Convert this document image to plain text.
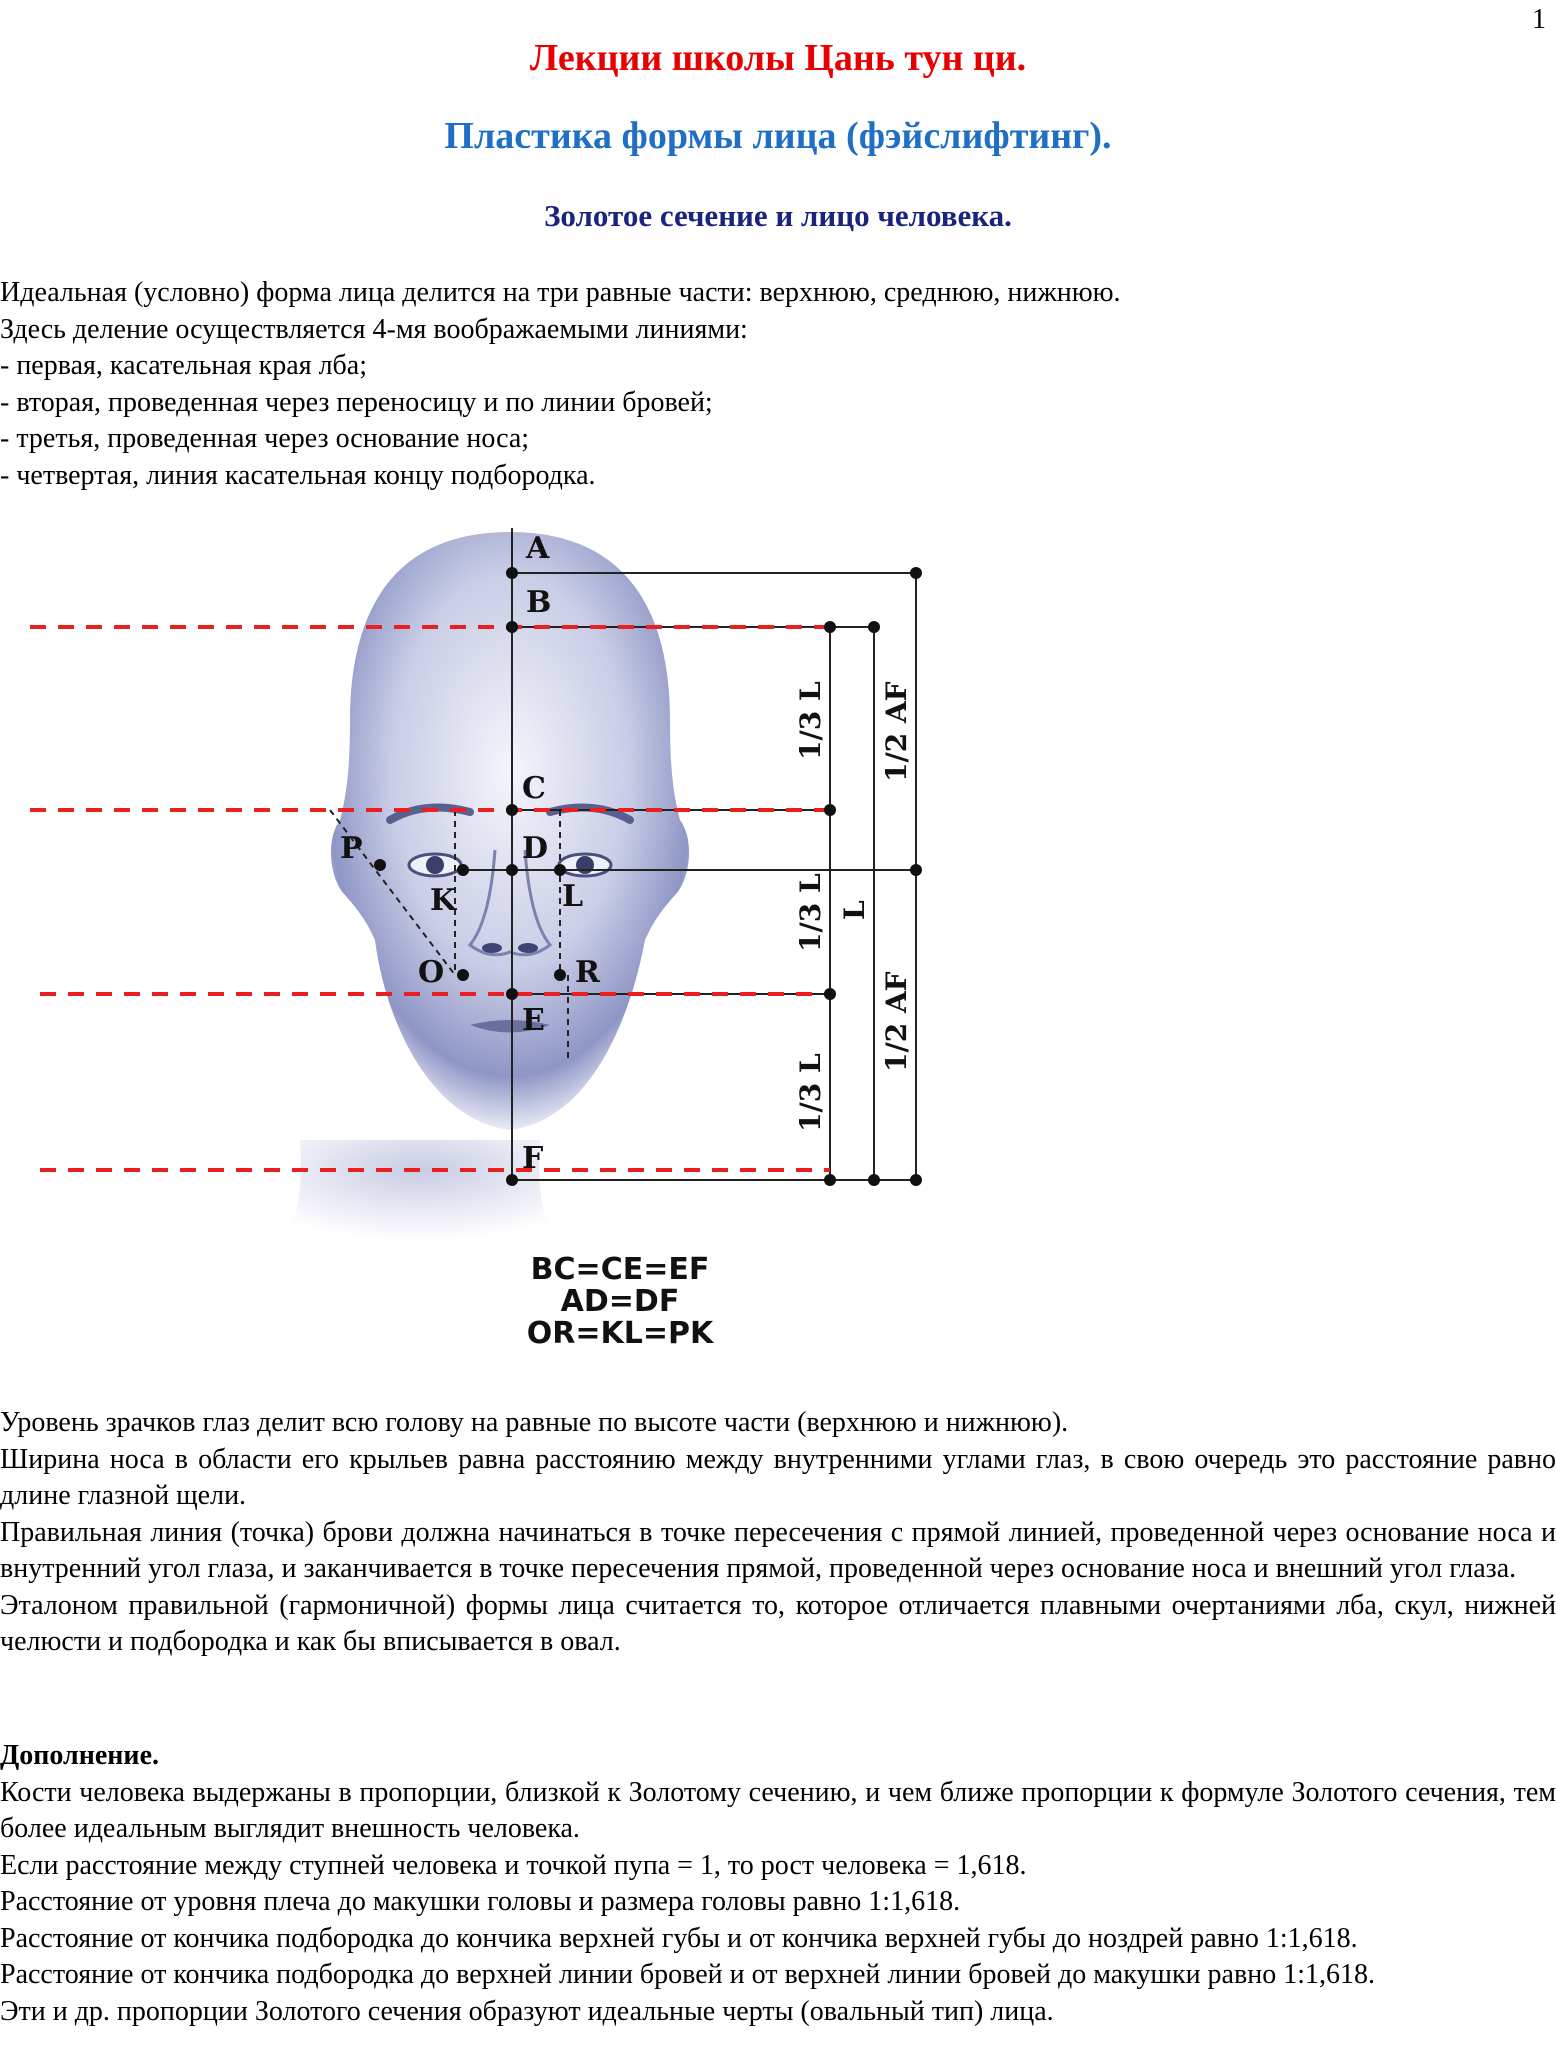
1
Лекции школы Цань тун ци.
Пластика формы лица (фэйслифтинг).
Золотое сечение и лицо человека.

Идеальная (условно) форма лица делится на три равные части: верхнюю, среднюю, нижнюю.

Здесь деление осуществляется 4-мя воображаемыми линиями:

- первая, касательная края лба;

- вторая, проведенная через переносицу и по линии бровей;

- третья, проведенная через основание носа;

- четвертая, линия касательная концу подбородка.

A
B
C
D
E
F
P
K	L
O	R
1/3 L
1/3 L
1/3 L
1/2 AF
1/2 AF
L
BC=CE=EF
AD=DF
OR=KL=PK

Уровень зрачков глаз делит всю голову на равные по высоте части (верхнюю и нижнюю).

Ширина носа в области его крыльев равна расстоянию между внутренними углами глаз, в свою очередь это расстояние равно длине глазной щели.

Правильная линия (точка) брови должна начинаться в точке пересечения с прямой линией, проведенной через основание носа и внутренний угол глаза, и заканчивается в точке пересечения прямой, проведенной через основание носа и внешний угол глаза.

Эталоном правильной (гармоничной) формы лица считается то, которое отличается плавными очертаниями лба, скул, нижней челюсти и подбородка и как бы вписывается в овал.

Дополнение.

Кости человека выдержаны в пропорции, близкой к Золотому сечению, и чем ближе пропорции к формуле Золотого сечения, тем более идеальным выглядит внешность человека.

Если расстояние между ступней человека и точкой пупа = 1, то рост человека = 1,618.

Расстояние от уровня плеча до макушки головы и размера головы равно 1:1,618.

Расстояние от кончика подбородка до кончика верхней губы и от кончика верхней губы до ноздрей равно 1:1,618.

Расстояние от кончика подбородка до верхней линии бровей и от верхней линии бровей до макушки равно 1:1,618.

Эти и др. пропорции Золотого сечения образуют идеальные черты (овальный тип) лица.
